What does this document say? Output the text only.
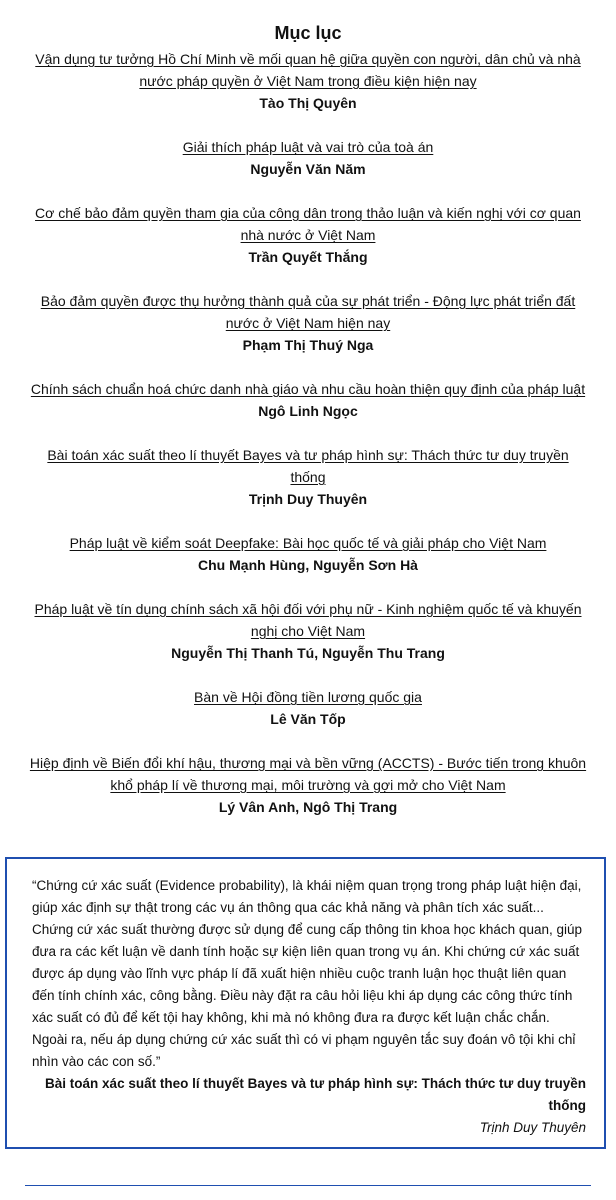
Mục lục
Vận dụng tư tưởng Hồ Chí Minh về mối quan hệ giữa quyền con người, dân chủ và nhà nước pháp quyền ở Việt Nam trong điều kiện hiện nay
Tào Thị Quyên
Giải thích pháp luật và vai trò của toà án
Nguyễn Văn Năm
Cơ chế bảo đảm quyền tham gia của công dân trong thảo luận và kiến nghị với cơ quan nhà nước ở Việt Nam
Trần Quyết Thắng
Bảo đảm quyền được thụ hưởng thành quả của sự phát triển - Động lực phát triển đất nước ở Việt Nam hiện nay
Phạm Thị Thuý Nga
Chính sách chuẩn hoá chức danh nhà giáo và nhu cầu hoàn thiện quy định của pháp luật
Ngô Linh Ngọc
Bài toán xác suất theo lí thuyết Bayes và tư pháp hình sự: Thách thức tư duy truyền thống
Trịnh Duy Thuyên
Pháp luật về kiểm soát Deepfake: Bài học quốc tế và giải pháp cho Việt Nam
Chu Mạnh Hùng, Nguyễn Sơn Hà
Pháp luật về tín dụng chính sách xã hội đối với phụ nữ - Kinh nghiệm quốc tế và khuyến nghị cho Việt Nam
Nguyễn Thị Thanh Tú, Nguyễn Thu Trang
Bàn về Hội đồng tiền lương quốc gia
Lê Văn Tốp
Hiệp định về Biến đổi khí hậu, thương mại và bền vững (ACCTS) - Bước tiến trong khuôn khổ pháp lí về thương mại, môi trường và gợi mở cho Việt Nam
Lý Vân Anh, Ngô Thị Trang

“Chứng cứ xác suất (Evidence probability), là khái niệm quan trọng trong pháp luật hiện đại, giúp xác định sự thật trong các vụ án thông qua các khả năng và phân tích xác suất... Chứng cứ xác suất thường được sử dụng để cung cấp thông tin khoa học khách quan, giúp đưa ra các kết luận về danh tính hoặc sự kiện liên quan trong vụ án. Khi chứng cứ xác suất được áp dụng vào lĩnh vực pháp lí đã xuất hiện nhiều cuộc tranh luận học thuật liên quan đến tính chính xác, công bằng. Điều này đặt ra câu hỏi liệu khi áp dụng các công thức tính xác suất có đủ để kết tội hay không, khi mà nó không đưa ra được kết luận chắc chắn. Ngoài ra, nếu áp dụng chứng cứ xác suất thì có vi phạm nguyên tắc suy đoán vô tội khi chỉ nhìn vào các con số.”

Bài toán xác suất theo lí thuyết Bayes và tư pháp hình sự: Thách thức tư duy truyền thống

Trịnh Duy Thuyên
